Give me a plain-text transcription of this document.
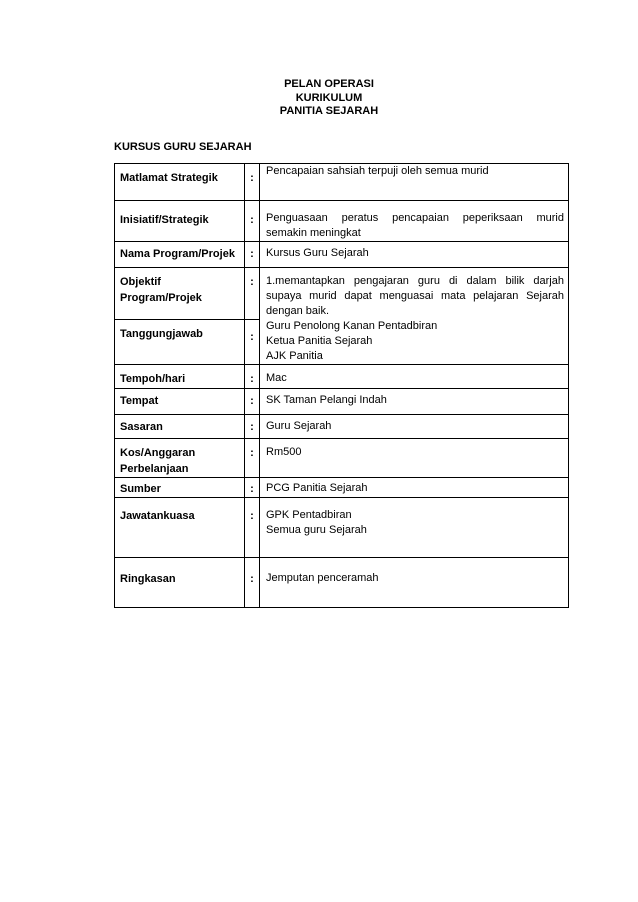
PELAN OPERASI
KURIKULUM
PANITIA SEJARAH
KURSUS GURU SEJARAH
Matlamat Strategik	:	Pencapaian sahsiah terpuji oleh semua murid
Inisiatif/Strategik	:	Penguasaan peratus pencapaian peperiksaan murid semakin meningkat
Nama Program/Projek	:	Kursus Guru Sejarah

Objektif
Program/Projek	:	1.memantapkan pengajaran guru di dalam bilik darjah supaya murid dapat menguasai mata pelajaran Sejarah dengan baik.

Tanggungjawab	:	Guru Penolong Kanan Pentadbiran
Ketua Panitia Sejarah
AJK Panitia

Tempoh/hari	:	Mac
Tempat	:	SK Taman Pelangi Indah
Sasaran	:	Guru Sejarah

Kos/Anggaran
Perbelanjaan	:	Rm500
Sumber	:	PCG Panitia Sejarah
Jawatankuasa	:	GPK Pentadbiran
Semua guru Sejarah

Ringkasan	:	Jemputan penceramah
